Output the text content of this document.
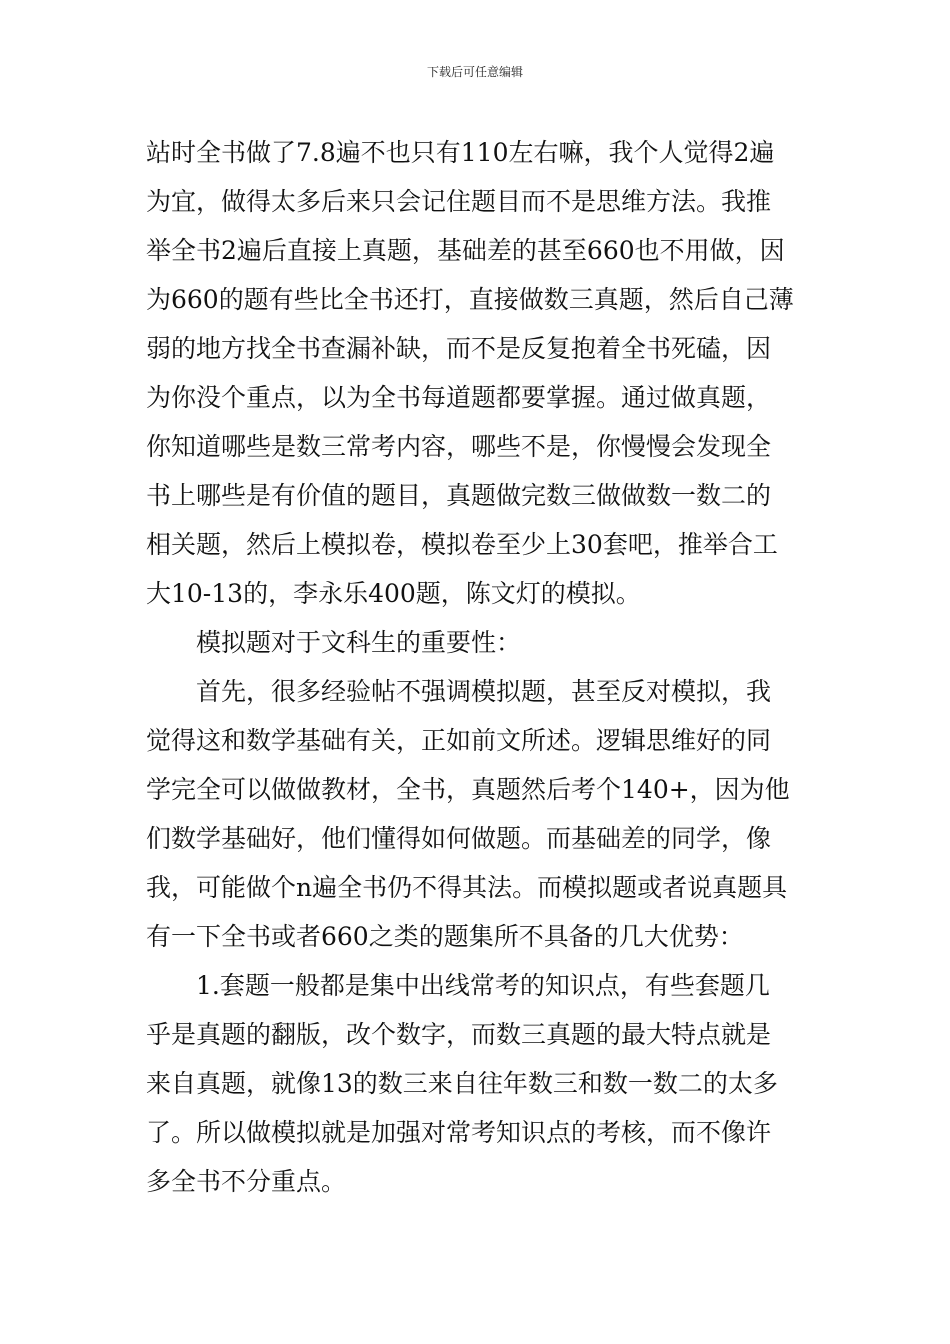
下载后可任意编辑
站时全书做了7.8遍不也只有110左右嘛，我个人觉得2遍
为宜，做得太多后来只会记住题目而不是思维方法。我推
举全书2遍后直接上真题，基础差的甚至660也不用做，因
为660的题有些比全书还打，直接做数三真题，然后自己薄
弱的地方找全书查漏补缺，而不是反复抱着全书死磕，因
为你没个重点，以为全书每道题都要掌握。通过做真题，
你知道哪些是数三常考内容，哪些不是，你慢慢会发现全
书上哪些是有价值的题目，真题做完数三做做数一数二的
相关题，然后上模拟卷，模拟卷至少上30套吧，推举合工
大10-13的，李永乐400题，陈文灯的模拟。
模拟题对于文科生的重要性：
首先，很多经验帖不强调模拟题，甚至反对模拟，我
觉得这和数学基础有关，正如前文所述。逻辑思维好的同
学完全可以做做教材，全书，真题然后考个140+，因为他
们数学基础好，他们懂得如何做题。而基础差的同学，像
我，可能做个n遍全书仍不得其法。而模拟题或者说真题具
有一下全书或者660之类的题集所不具备的几大优势：
1.套题一般都是集中出线常考的知识点，有些套题几
乎是真题的翻版，改个数字，而数三真题的最大特点就是
来自真题，就像13的数三来自往年数三和数一数二的太多
了。所以做模拟就是加强对常考知识点的考核，而不像许
多全书不分重点。
